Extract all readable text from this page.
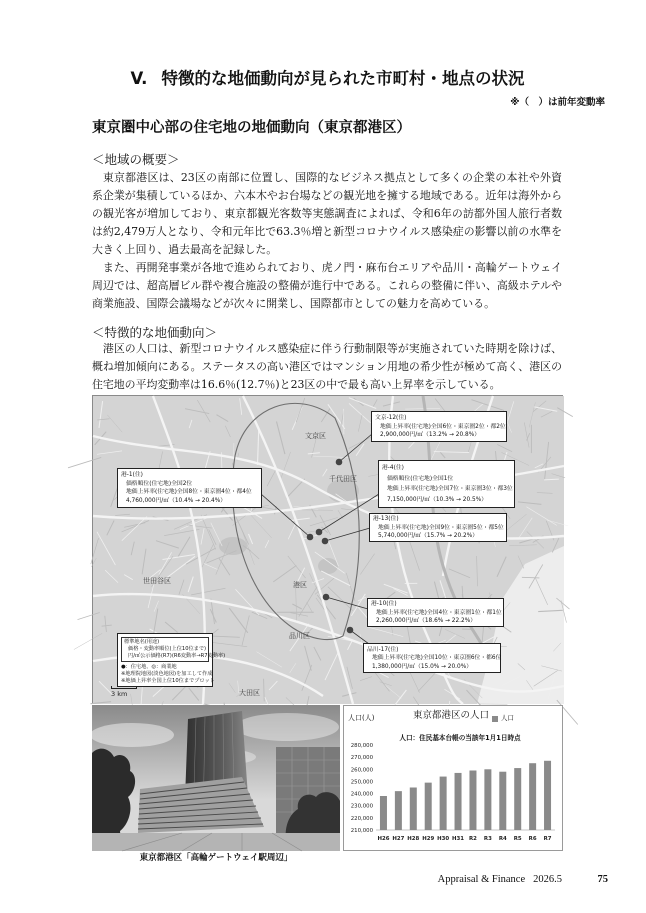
V. 特徴的な地価動向が見られた市町村・地点の状況
※（　）は前年変動率
東京圏中心部の住宅地の地価動向（東京都港区）
＜地域の概要＞

東京都港区は、23区の南部に位置し、国際的なビジネス拠点として多くの企業の本社や外資系企業が集積しているほか、六本木やお台場などの観光地を擁する地域である。近年は海外からの観光客が増加しており、東京都観光客数等実態調査によれば、令和6年の訪都外国人旅行者数は約2,479万人となり、令和元年比で63.3％増と新型コロナウイルス感染症の影響以前の水準を大きく上回り、過去最高を記録した。

また、再開発事業が各地で進められており、虎ノ門・麻布台エリアや品川・高輪ゲートウェイ周辺では、超高層ビル群や複合施設の整備が進行中である。これらの整備に伴い、高級ホテルや商業施設、国際会議場などが次々に開業し、国際都市としての魅力を高めている。

＜特徴的な地価動向＞

港区の人口は、新型コロナウイルス感染症に伴う行動制限等が実施されていた時期を除けば、概ね増加傾向にある。ステータスの高い港区ではマンション用地の希少性が極めて高く、港区の住宅地の平均変動率は16.6％(12.7％)と23区の中で最も高い上昇率を示している。

文京区
千代田区
港区
品川区
世田谷区
大田区
文京-12(住)
地価上昇率(住宅地)全国6位・東京圏2位・都2位
2,900,000円/㎡（13.2% → 20.8%）
港-4(住)
価格順位(住宅地)全国1位
地価上昇率(住宅地)全国7位・東京圏3位・都3位
7,150,000円/㎡（10.3% → 20.5%）
港-1(住)
価格順位(住宅地)全国2位
地価上昇率(住宅地)全国8位・東京圏4位・都4位
4,760,000円/㎡（10.4% → 20.4%）
港-13(住)
地価上昇率(住宅地)全国9位・東京圏5位・都5位
5,740,000円/㎡（15.7% → 20.2%）
港-10(住)
地価上昇率(住宅地)全国4位・東京圏1位・都1位
2,260,000円/㎡（18.6% → 22.2%）
品川-17(住)
地価上昇率(住宅地)全国10位・東京圏6位・都6位
1,380,000円/㎡（15.0% → 20.0%）
標準地名(用途)
価格・変動率順位(上位10位まで)
円/㎡公示価格(R7)(R6変動率→R7変動率)
●：住宅地、◎：商業地
※地理院地図(淡色地図)を加工して作成
※地価上昇率全国上位10位までプロット
3 km
東京都港区「高輪ゲートウェイ駅周辺」
210,000
220,000
230,000
240,000
250,000
260,000
270,000
280,000
H26 H27 H28 H29 H30 H31 R2 R3 R4 R5 R6 R7
人口(人)	東京都港区の人口	人口
人口：住民基本台帳の当該年1月1日時点
Appraisal & Finance 2026.5	75
